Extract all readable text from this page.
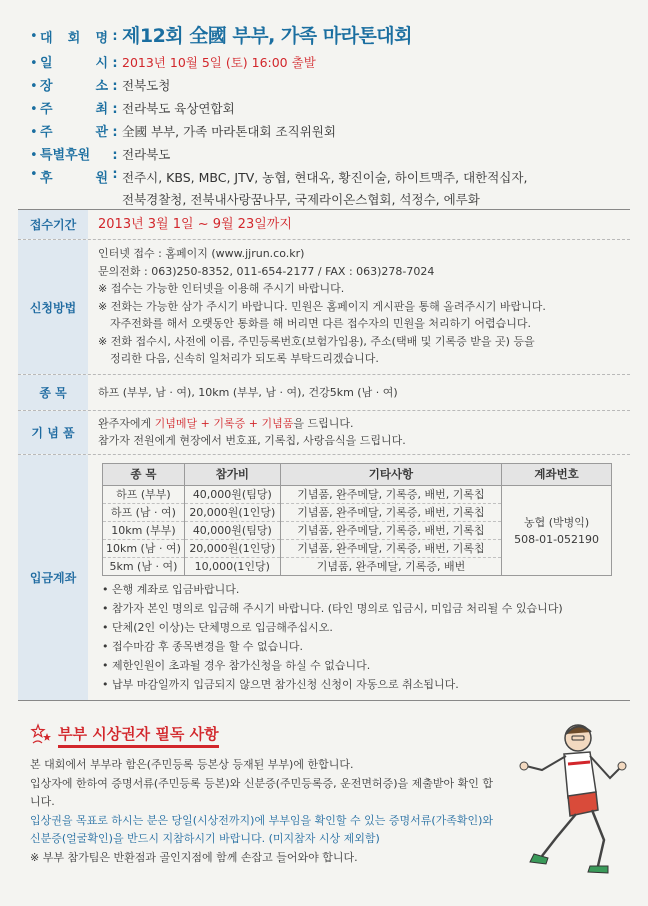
• 대 회 명 : 제12회 全國 부부, 가족 마라톤대회
• 일	시 : 2013년 10월 5일 (토) 16:00 출발
• 장	소 : 전북도청
• 주	최 : 전라북도 육상연합회
• 주	관 : 全國 부부, 가족 마라톤대회 조직위원회
• 특별후원	: 전라북도
• 후	원 : 전주시, KBS, MBC, JTV, 농협, 현대옥, 황진이술, 하이트맥주, 대한적십자,
전북경찰청, 전북내사랑꿈나무, 국제라이온스협회, 석정수, 에루화
접수기간	2013년 3월 1일 ~ 9월 23일까지
신청방법
인터넷 접수 : 홈페이지 (www.jjrun.co.kr)
문의전화 : 063)250-8352, 011-654-2177 / FAX : 063)278-7024
※ 접수는 가능한 인터넷을 이용해 주시기 바랍니다.
※ 전화는 가능한 삼가 주시기 바랍니다. 민원은 홈페이지 게시판을 통해 올려주시기 바랍니다.
자주전화를 해서 오랫동안 통화를 해 버리면 다른 접수자의 민원을 처리하기 어렵습니다.
※ 전화 접수시, 사전에 이름, 주민등록번호(보험가입용), 주소(택배 및 기록증 받을 곳) 등을
정리한 다음, 신속히 일처리가 되도록 부탁드리겠습니다.
종 목	하프 (부부, 남 · 여), 10km (부부, 남 · 여), 건강5km (남 · 여)
기 념 품
완주자에게 기념메달 + 기록증 + 기념품을 드립니다.
참가자 전원에게 현장에서 번호표, 기록칩, 사랑음식을 드립니다.
입금계좌
종 목	참가비	기타사항	계좌번호
하프 (부부)	40,000원(팀당)	기념품, 완주메달, 기록증, 배번, 기록칩	농협 (박병익)
508-01-052190

하프 (남 · 여)	20,000원(1인당)	기념품, 완주메달, 기록증, 배번, 기록칩	
10km (부부)	40,000원(팀당)	기념품, 완주메달, 기록증, 배번, 기록칩	
10km (남 · 여)	20,000원(1인당)	기념품, 완주메달, 기록증, 배번, 기록칩	
5km (남 · 여)	10,000(1인당)	기념품, 완주메달, 기록증, 배번	
• 은행 계좌로 입금바랍니다.
• 참가자 본인 명의로 입금해 주시기 바랍니다. (타인 명의로 입금시, 미입금 처리될 수 있습니다)
• 단체(2인 이상)는 단체명으로 입금해주십시오.
• 접수마감 후 종목변경을 할 수 없습니다.
• 제한인원이 초과될 경우 참가신청을 하실 수 없습니다.
• 납부 마감일까지 입금되지 않으면 참가신청 신청이 자동으로 취소됩니다.
부부 시상권자 필독 사항
본 대회에서 부부라 함은(주민등록 등본상 등재된 부부)에 한합니다.
입상자에 한하여 증명서류(주민등록 등본)와 신분증(주민등록증, 운전면허증)을 제출받아 확인 합니다.
입상권을 목표로 하시는 분은 당일(시상전까지)에 부부임을 확인할 수 있는 증명서류(가족확인)와
신분증(얼굴확인)을 반드시 지참하시기 바랍니다. (미지참자 시상 제외함)
※ 부부 참가팀은 반환점과 골인지점에 함께 손잡고 들어와야 합니다.
